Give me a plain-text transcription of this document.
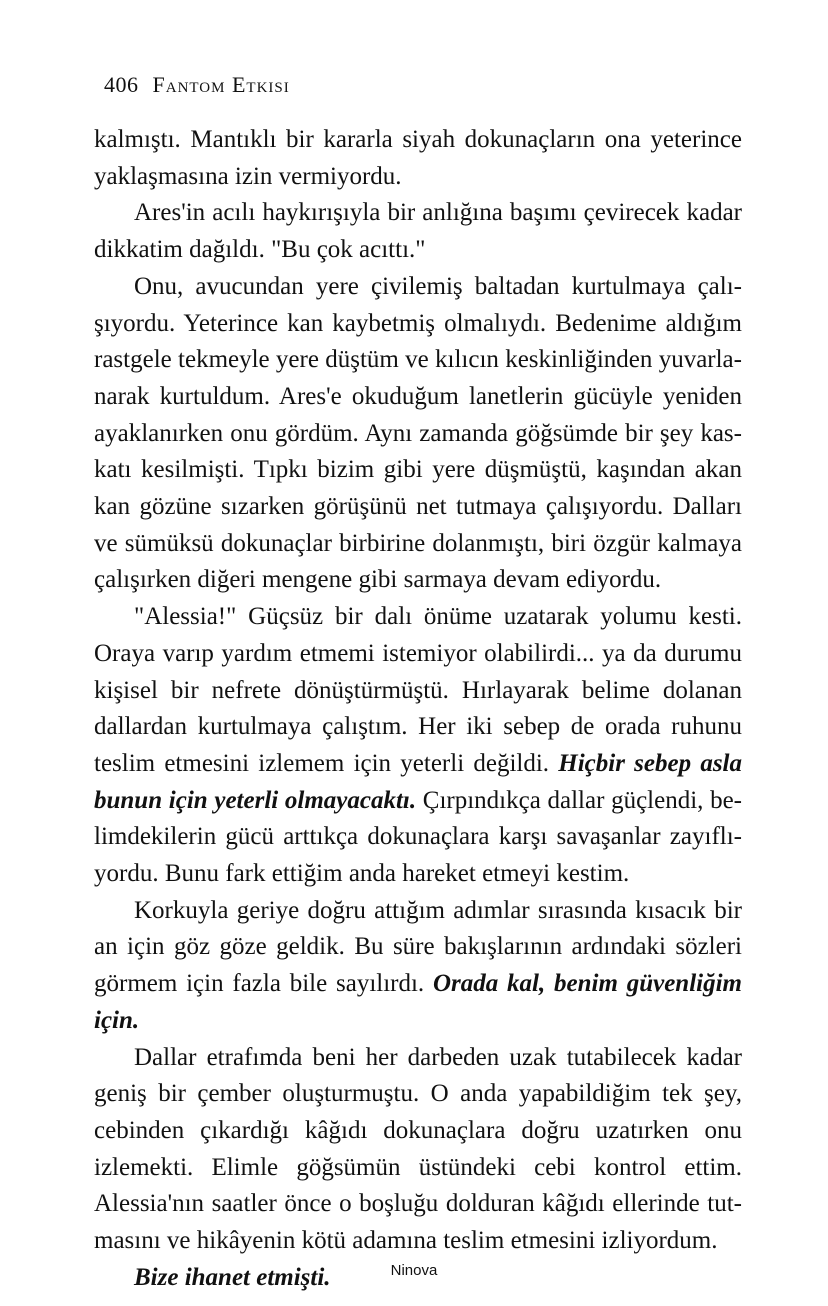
406 Fantom Etkisi

kalmıştı. Mantıklı bir kararla siyah dokunaçların ona yeterince yaklaşmasına izin vermiyordu.

Ares'in acılı haykırışıyla bir anlığına başımı çevirecek kadar dikkatim dağıldı. "Bu çok acıttı."

Onu, avucundan yere çivilemiş baltadan kurtulmaya çalışıyordu. Yeterince kan kaybetmiş olmalıydı. Bedenime aldığım rastgele tekmeyle yere düştüm ve kılıcın keskinliğinden yuvarlanarak kurtuldum. Ares'e okuduğum lanetlerin gücüyle yeniden ayaklanırken onu gördüm. Aynı zamanda göğsümde bir şey kaskatı kesilmişti. Tıpkı bizim gibi yere düşmüştü, kaşından akan kan gözüne sızarken görüşünü net tutmaya çalışıyordu. Dalları ve sümüksü dokunaçlar birbirine dolanmıştı, biri özgür kalmaya çalışırken diğeri mengene gibi sarmaya devam ediyordu.

"Alessia!" Güçsüz bir dalı önüme uzatarak yolumu kesti. Oraya varıp yardım etmemi istemiyor olabilirdi... ya da durumu kişisel bir nefrete dönüştürmüştü. Hırlayarak belime dolanan dallardan kurtulmaya çalıştım. Her iki sebep de orada ruhunu teslim etmesini izlemem için yeterli değildi. Hiçbir sebep asla bunun için yeterli olmayacaktı. Çırpındıkça dallar güçlendi, belimdekilerin gücü arttıkça dokunaçlara karşı savaşanlar zayıflıyordu. Bunu fark ettiğim anda hareket etmeyi kestim.

Korkuyla geriye doğru attığım adımlar sırasında kısacık bir an için göz göze geldik. Bu süre bakışlarının ardındaki sözleri görmem için fazla bile sayılırdı. Orada kal, benim güvenliğim için.

Dallar etrafımda beni her darbeden uzak tutabilecek kadar geniş bir çember oluşturmuştu. O anda yapabildiğim tek şey, cebinden çıkardığı kâğıdı dokunaçlara doğru uzatırken onu izlemekti. Elimle göğsümün üstündeki cebi kontrol ettim. Alessia'nın saatler önce o boşluğu dolduran kâğıdı ellerinde tutmasını ve hikâyenin kötü adamına teslim etmesini izliyordum.

Bize ihanet etmişti.	Ninova
